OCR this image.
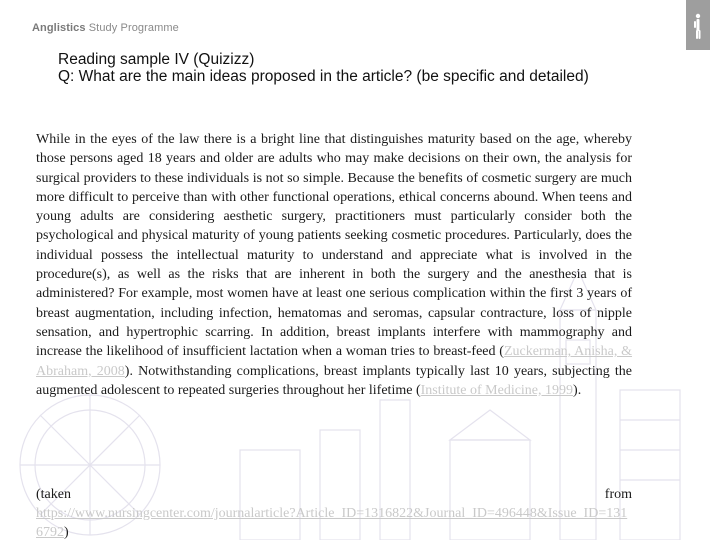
Anglistics Study Programme
Reading sample IV (Quizizz)
Q: What are the main ideas proposed in the article? (be specific and detailed)
While in the eyes of the law there is a bright line that distinguishes maturity based on the age, whereby those persons aged 18 years and older are adults who may make decisions on their own, the analysis for surgical providers to these individuals is not so simple. Because the benefits of cosmetic surgery are much more difficult to perceive than with other functional operations, ethical concerns abound. When teens and young adults are considering aesthetic surgery, practitioners must particularly consider both the psychological and physical maturity of young patients seeking cosmetic procedures. Particularly, does the individual possess the intellectual maturity to understand and appreciate what is involved in the procedure(s), as well as the risks that are inherent in both the surgery and the anesthesia that is administered? For example, most women have at least one serious complication within the first 3 years of breast augmentation, including infection, hematomas and seromas, capsular contracture, loss of nipple sensation, and hypertrophic scarring. In addition, breast implants interfere with mammography and increase the likelihood of insufficient lactation when a woman tries to breast-feed (Zuckerman, Anisha, & Abraham, 2008). Notwithstanding complications, breast implants typically last 10 years, subjecting the augmented adolescent to repeated surgeries throughout her lifetime (Institute of Medicine, 1999).
(taken	from
https://www.nursingcenter.com/journalarticle?Article_ID=1316822&Journal_ID=496448&Issue_ID=1316792)
